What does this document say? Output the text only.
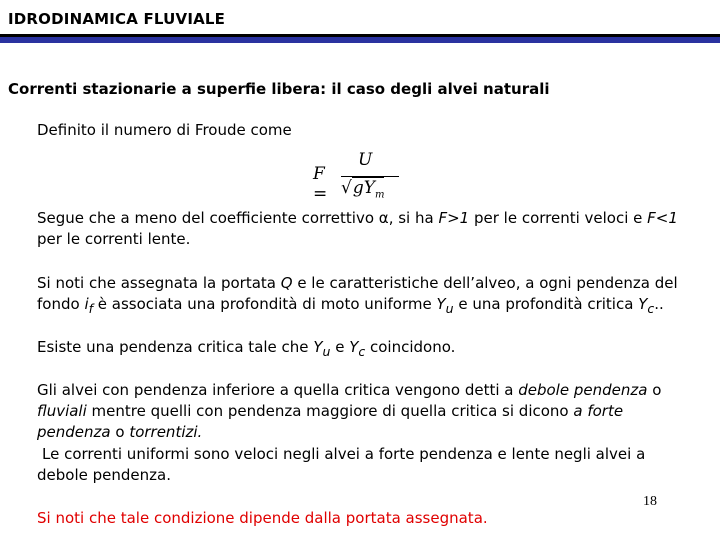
IDRODINAMICA FLUVIALE
Correnti stazionarie a superfie libera: il caso degli alvei naturali
Definito il numero di Froude come
F =
U
$√gY_m$
Segue che a meno del coefficiente correttivo α, si ha F>1 per le correnti veloci e F<1 per le correnti lente.
Si noti che assegnata la portata Q e le caratteristiche dell’alveo, a ogni pendenza del fondo $i_f$ è associata una profondità di moto uniforme $Y_u$ e una profondità critica $Y_c$..
Esiste una pendenza critica tale che $Y_u$ e $Y_c$ coincidono.
Gli alvei con pendenza inferiore a quella critica vengono detti a debole pendenza o fluviali mentre quelli con pendenza maggiore di quella critica si dicono a forte pendenza o torrentizi.
Le correnti uniformi sono veloci negli alvei a forte pendenza e lente negli alvei a debole pendenza.
Si noti che tale condizione dipende dalla portata assegnata.
18
